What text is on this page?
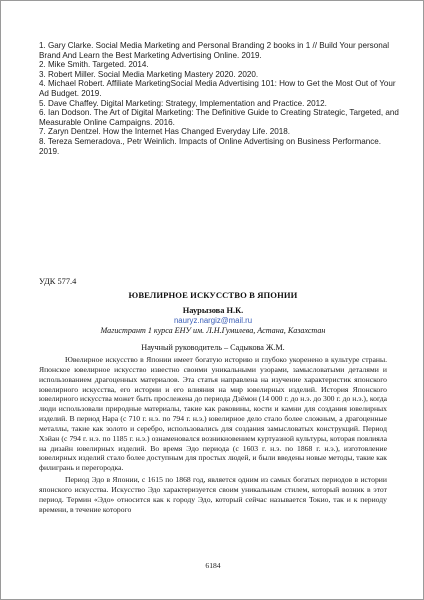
1. Gary Clarke. Social Media Marketing and Personal Branding 2 books in 1 // Build Your personal Brand And Learn the Best Marketing Advertising Online. 2019.

2. Mike Smith. Targeted. 2014.

3. Robert Miller. Social Media Marketing Mastery 2020. 2020.

4. Michael Robert. Affiliate MarketingSocial Media Advertising 101: How to Get the Most Out of Your Ad Budget. 2019.

5. Dave Chaffey. Digital Marketing: Strategy, Implementation and Practice. 2012.

6. Ian Dodson. The Art of Digital Marketing: The Definitive Guide to Creating Strategic, Targeted, and Measurable Online Campaigns. 2016.

7. Zaryn Dentzel. How the Internet Has Changed Everyday Life. 2018.

8. Tereza Semeradova., Petr Weinlich. Impacts of Online Advertising on Business Performance. 2019.

УДК 577.4
ЮВЕЛИРНОЕ ИСКУССТВО В ЯПОНИИ
Наурызова Н.К.
nauryz.nargiz@mail.ru
Магистрант 1 курса ЕНУ им. Л.Н.Гумилева, Астана, Казахстан
Научный руководитель – Садыкова Ж.М.

Ювелирное искусство в Японии имеет богатую историю и глубоко укоренено в культуре страны. Японское ювелирное искусство известно своими уникальными узорами, замысловатыми деталями и использованием драгоценных материалов. Эта статья направлена на изучение характеристик японского ювелирного искусства, его истории и его влияния на мир ювелирных изделий. История Японского ювелирного искусства может быть прослежена до периода Дзёмон (14 000 г. до н.э. до 300 г. до н.э.), когда люди использовали природные материалы, такие как раковины, кости и камни для создания ювелирных изделий. В период Нара (с 710 г. н.э. по 794 г. н.э.) ювелирное дело стало более сложным, а драгоценные металлы, такие как золото и серебро, использовались для создания замысловатых конструкций. Период Хэйан (с 794 г. н.э. по 1185 г. н.э.) ознаменовался возникновением куртуазной культуры, которая повлияла на дизайн ювелирных изделий. Во время Эдо периода (с 1603 г. н.э. по 1868 г. н.э.), изготовление ювелирных изделий стало более доступным для простых людей, и были введены новые методы, такие как филигрань и перегородка.

Период Эдо в Японии, с 1615 по 1868 год, является одним из самых богатых периодов в истории японского искусства. Искусство Эдо характеризуется своим уникальным стилем, который возник в этот период. Термин «Эдо» относится как к городу Эдо, который сейчас называется Токио, так и к периоду времени, в течение которого

6184
